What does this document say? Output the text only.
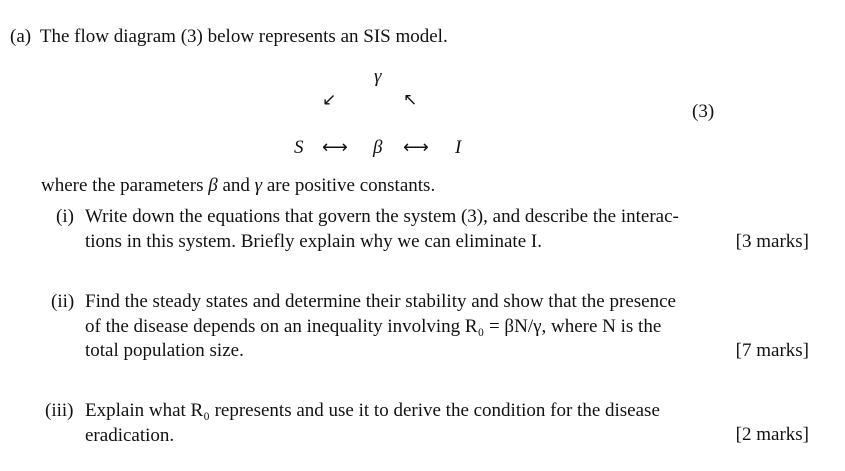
(a) The flow diagram (3) below represents an SIS model.
γ
↙	↖
S ⟷ β ⟷ I
(3)
where the parameters β and γ are positive constants.
(i) Write down the equations that govern the system (3), and describe the interac-
tions in this system. Briefly explain why we can eliminate I.	[3 marks]
(ii) Find the steady states and determine their stability and show that the presence
of the disease depends on an inequality involving R₀ = βN/γ, where N is the
total population size.	[7 marks]
(iii) Explain what R₀ represents and use it to derive the condition for the disease
eradication.	[2 marks]
